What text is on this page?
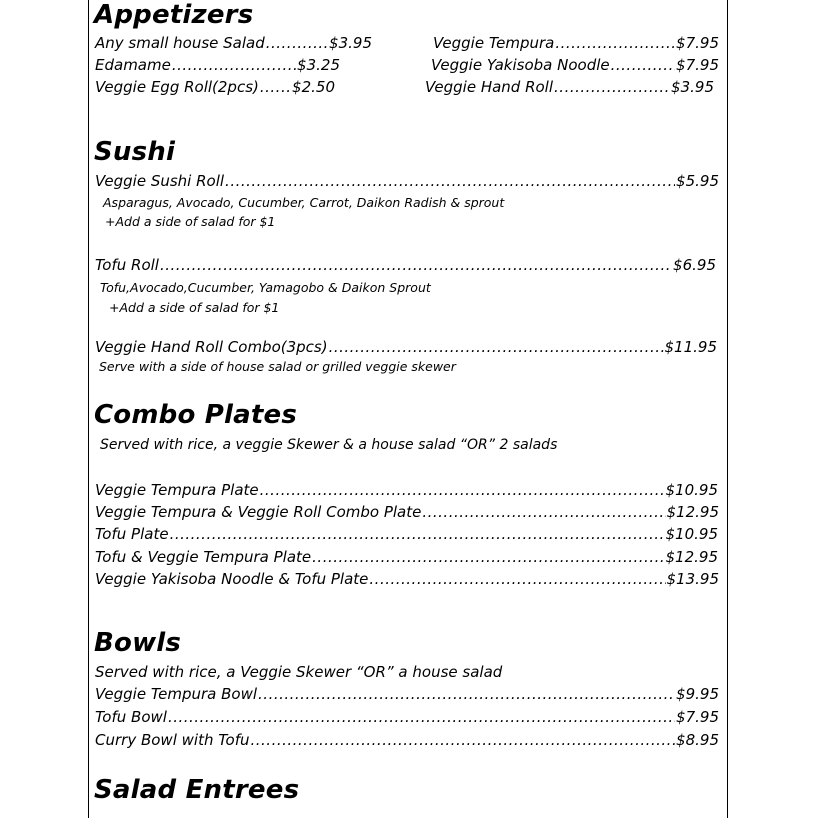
Appetizers
Any small house Salad .....	$3.95
Edamame .....	$3.25
Veggie Egg Roll(2pcs) ..... $2.50
Veggie Tempura .....	$7.95
Veggie Yakisoba Noodle .....	$7.95
Veggie Hand Roll .....	$3.95
Sushi
Veggie Sushi Roll .....	$5.95
Asparagus, Avocado, Cucumber, Carrot, Daikon Radish & sprout
+Add a side of salad for $1
Tofu Roll .....	$6.95
Tofu,Avocado,Cucumber, Yamagobo & Daikon Sprout
+Add a side of salad for $1
Veggie Hand Roll Combo(3pcs) .....	$11.95
Serve with a side of house salad or grilled veggie skewer
Combo Plates
Served with rice, a veggie Skewer & a house salad “OR” 2 salads
Veggie Tempura Plate .....	$10.95
Veggie Tempura & Veggie Roll Combo Plate .....	$12.95
Tofu Plate .....	$10.95
Tofu & Veggie Tempura Plate .....	$12.95
Veggie Yakisoba Noodle & Tofu Plate .....	$13.95
Bowls
Served with rice, a Veggie Skewer “OR” a house salad
Veggie Tempura Bowl .....	$9.95
Tofu Bowl .....	$7.95
Curry Bowl with Tofu .....	$8.95
Salad Entrees
